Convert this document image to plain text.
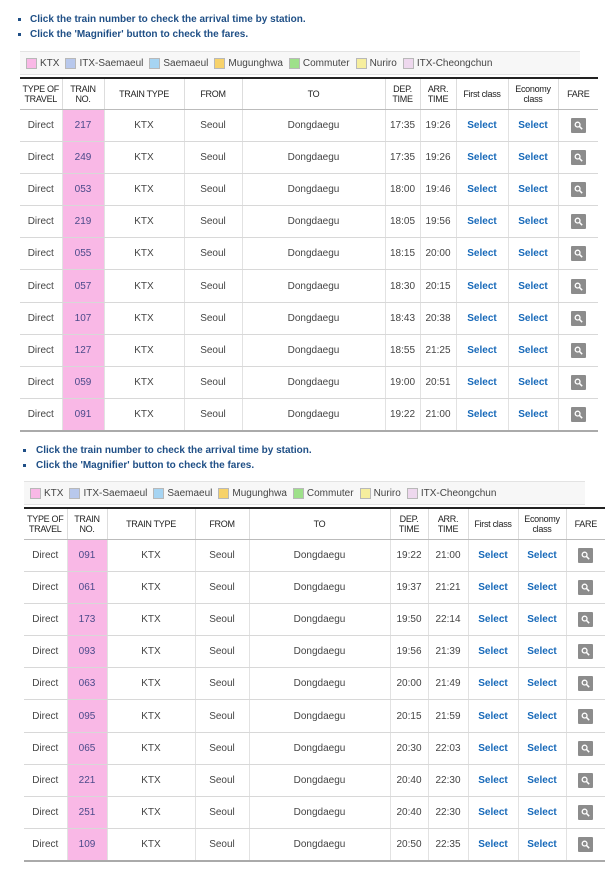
Click the train number to check the arrival time by station.
Click the 'Magnifier' button to check the fares.
KTX ITX-Saemaeul Saemaeul Mugunghwa Commuter Nuriro ITX-Cheongchun
TYPE OF TRAVEL	TRAIN NO.	TRAIN TYPE	FROM	TO	DEP. TIME	ARR. TIME	First class	Economy class	FARE
Direct	217	KTX	Seoul	Dongdaegu	17:35	19:26	Select	Select	

Direct	249	KTX	Seoul	Dongdaegu	17:35	19:26	Select	Select	

Direct	053	KTX	Seoul	Dongdaegu	18:00	19:46	Select	Select	

Direct	219	KTX	Seoul	Dongdaegu	18:05	19:56	Select	Select	

Direct	055	KTX	Seoul	Dongdaegu	18:15	20:00	Select	Select	

Direct	057	KTX	Seoul	Dongdaegu	18:30	20:15	Select	Select	

Direct	107	KTX	Seoul	Dongdaegu	18:43	20:38	Select	Select	

Direct	127	KTX	Seoul	Dongdaegu	18:55	21:25	Select	Select	

Direct	059	KTX	Seoul	Dongdaegu	19:00	20:51	Select	Select	

Direct	091	KTX	Seoul	Dongdaegu	19:22	21:00	Select	Select	
Click the train number to check the arrival time by station.
Click the 'Magnifier' button to check the fares.
KTX ITX-Saemaeul Saemaeul Mugunghwa Commuter Nuriro ITX-Cheongchun
TYPE OF TRAVEL	TRAIN NO.	TRAIN TYPE	FROM	TO	DEP. TIME	ARR. TIME	First class	Economy class	FARE
Direct	091	KTX	Seoul	Dongdaegu	19:22	21:00	Select	Select	

Direct	061	KTX	Seoul	Dongdaegu	19:37	21:21	Select	Select	

Direct	173	KTX	Seoul	Dongdaegu	19:50	22:14	Select	Select	

Direct	093	KTX	Seoul	Dongdaegu	19:56	21:39	Select	Select	

Direct	063	KTX	Seoul	Dongdaegu	20:00	21:49	Select	Select	

Direct	095	KTX	Seoul	Dongdaegu	20:15	21:59	Select	Select	

Direct	065	KTX	Seoul	Dongdaegu	20:30	22:03	Select	Select	

Direct	221	KTX	Seoul	Dongdaegu	20:40	22:30	Select	Select	

Direct	251	KTX	Seoul	Dongdaegu	20:40	22:30	Select	Select	

Direct	109	KTX	Seoul	Dongdaegu	20:50	22:35	Select	Select	
